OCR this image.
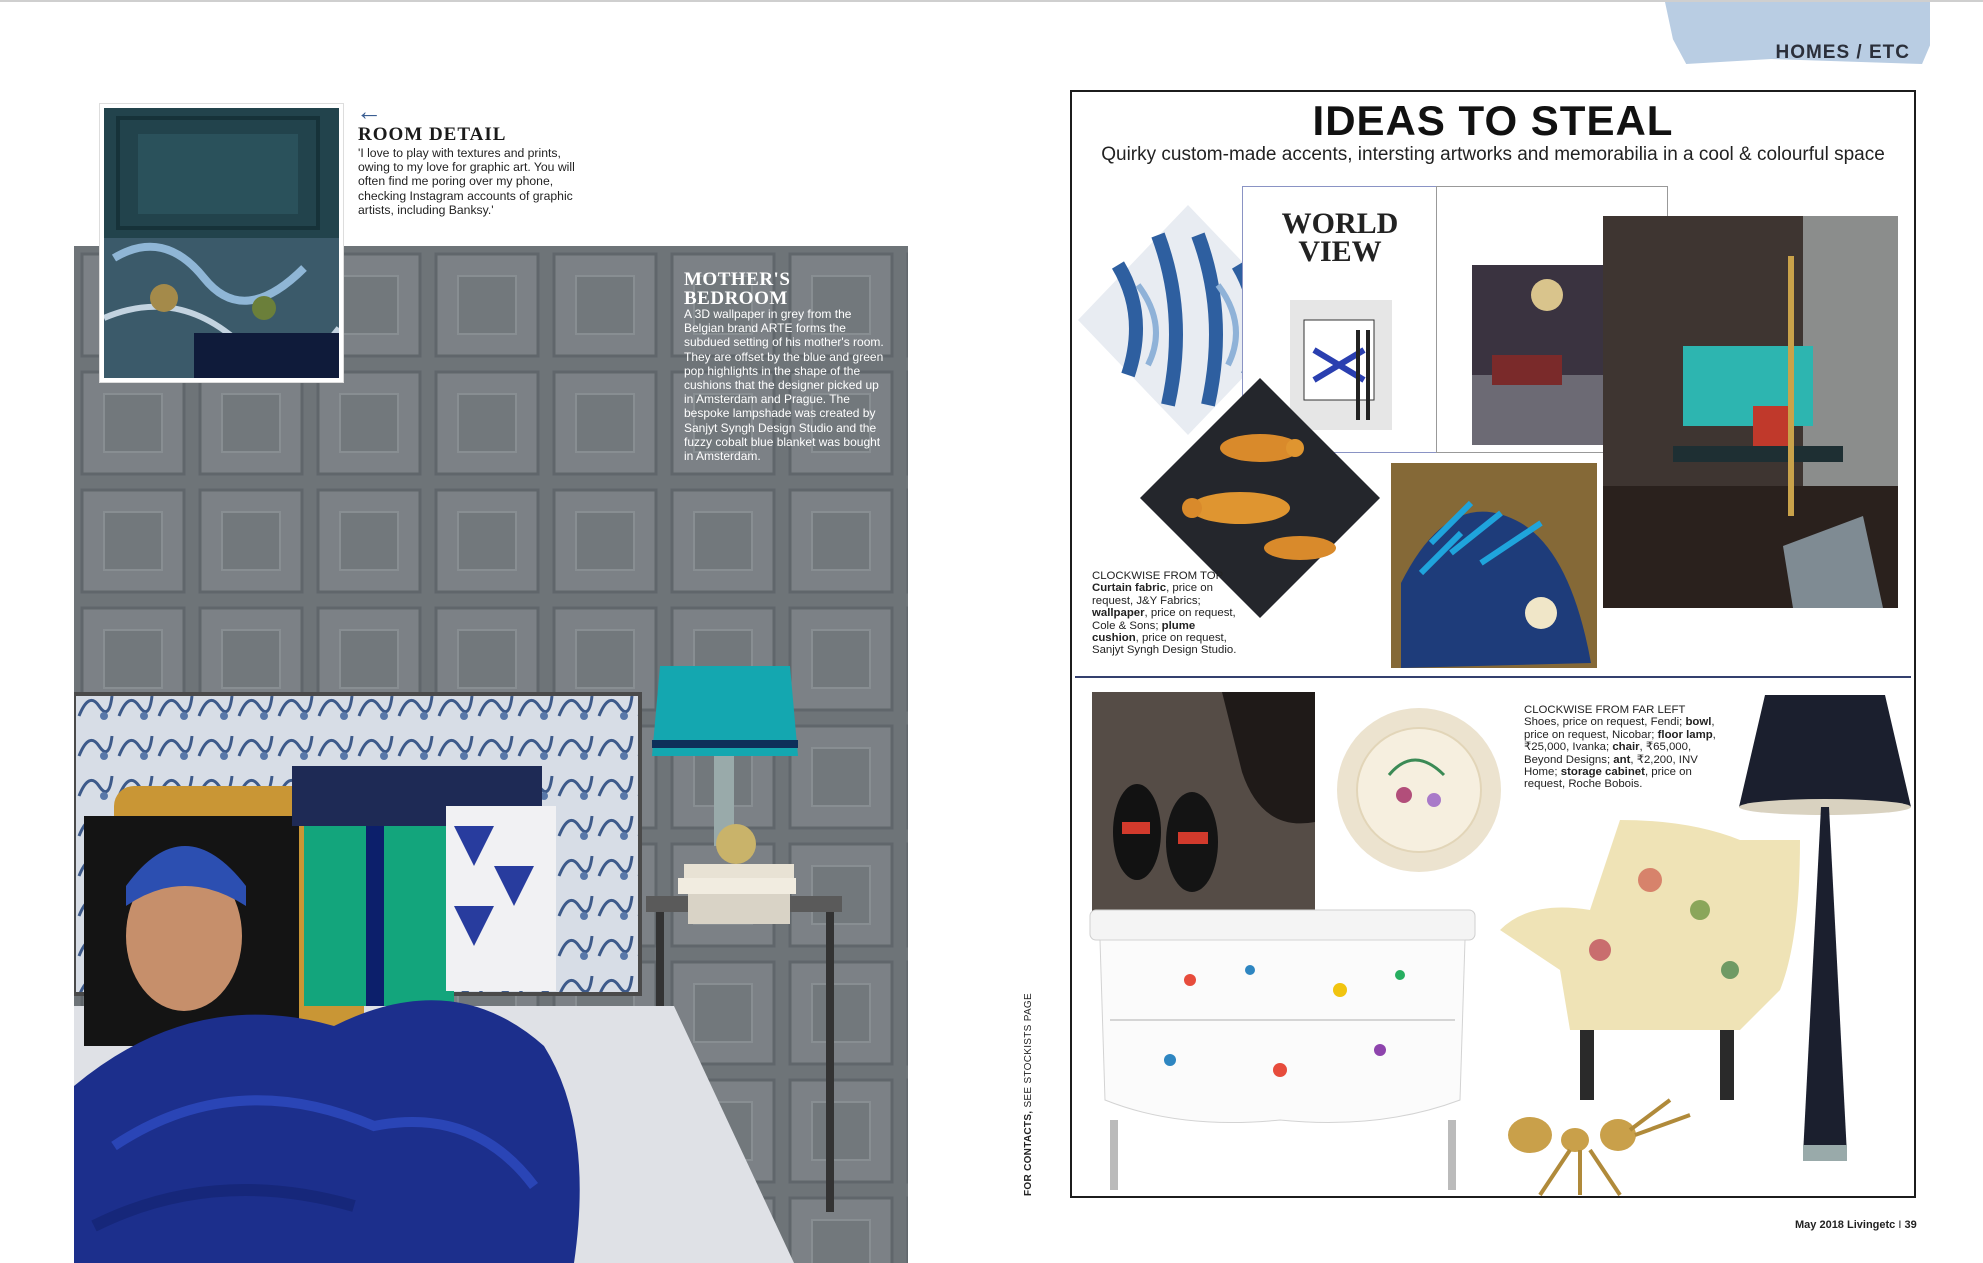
HOMES / ETC
←
ROOM DETAIL
'I love to play with textures and prints, owing to my love for graphic art. You will often find me poring over my phone, checking Instagram accounts of graphic artists, including Banksy.'
MOTHER'S
BEDROOM
A 3D wallpaper in grey from the Belgian brand ARTE forms the subdued setting of his mother's room. They are offset by the blue and green pop highlights in the shape of the cushions that the designer picked up in Amsterdam and Prague. The bespoke lampshade was created by Sanjyt Syngh Design Studio and the fuzzy cobalt blue blanket was bought in Amsterdam.
FOR CONTACTS, SEE STOCKISTS PAGE
IDEAS TO STEAL
Quirky custom-made accents, intersting artworks and memorabilia in a cool & colourful space
WORLD
VIEW
CLOCKWISE FROM TOP
Curtain fabric, price on request, J&Y Fabrics; wallpaper, price on request, Cole & Sons; plume cushion, price on request, Sanjyt Syngh Design Studio.
CLOCKWISE FROM FAR LEFT
Shoes, price on request, Fendi; bowl, price on request, Nicobar; floor lamp, ₹25,000, Ivanka; chair, ₹65,000, Beyond Designs; ant, ₹2,200, INV Home; storage cabinet, price on request, Roche Bobois.
May 2018 Livingetc I 39
